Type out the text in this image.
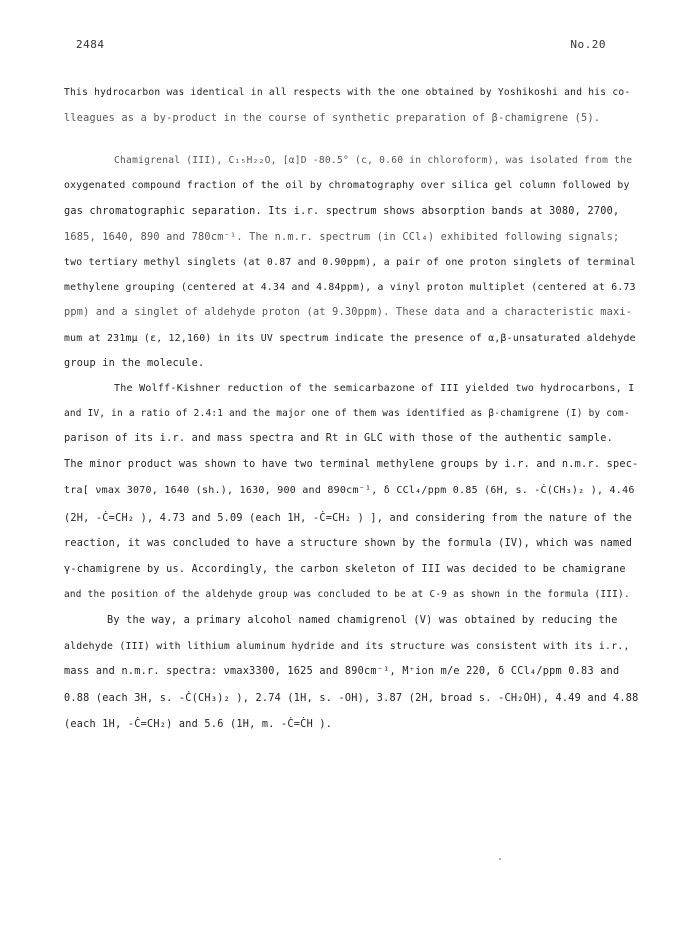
2484	No.20
This hydrocarbon was identical in all respects with the one obtained by Yoshikoshi and his co-
lleagues as a by-product in the course of synthetic preparation of β-chamigrene (5).
Chamigrenal (III), C₁₅H₂₂O, [α]D -80.5° (c, 0.60 in chloroform), was isolated from the
oxygenated compound fraction of the oil by chromatography over silica gel column followed by
gas chromatographic separation. Its i.r. spectrum shows absorption bands at 3080, 2700,
1685, 1640, 890 and 780cm⁻¹. The n.m.r. spectrum (in CCl₄) exhibited following signals;
two tertiary methyl singlets (at 0.87 and 0.90ppm), a pair of one proton singlets of terminal
methylene grouping (centered at 4.34 and 4.84ppm), a vinyl proton multiplet (centered at 6.73
ppm) and a singlet of aldehyde proton (at 9.30ppm). These data and a characteristic maxi-
mum at 231mμ (ε, 12,160) in its UV spectrum indicate the presence of α,β-unsaturated aldehyde
group in the molecule.
The Wolff-Kishner reduction of the semicarbazone of III yielded two hydrocarbons, I
and IV, in a ratio of 2.4:1 and the major one of them was identified as β-chamigrene (I) by com-
parison of its i.r. and mass spectra and Rt in GLC with those of the authentic sample.
The minor product was shown to have two terminal methylene groups by i.r. and n.m.r. spec-
tra[ νmax 3070, 1640 (sh.), 1630, 900 and 890cm⁻¹, δ CCl₄/ppm 0.85 (6H, s. -Ċ(CH₃)₂ ), 4.46
(2H, -Ċ=CH₂ ), 4.73 and 5.09 (each 1H, -Ċ=CH₂ ) ], and considering from the nature of the
reaction, it was concluded to have a structure shown by the formula (IV), which was named
γ-chamigrene by us. Accordingly, the carbon skeleton of III was decided to be chamigrane
and the position of the aldehyde group was concluded to be at C-9 as shown in the formula (III).
By the way, a primary alcohol named chamigrenol (V) was obtained by reducing the
aldehyde (III) with lithium aluminum hydride and its structure was consistent with its i.r.,
mass and n.m.r. spectra: νmax3300, 1625 and 890cm⁻¹, M⁺ion m/e 220, δ CCl₄/ppm 0.83 and
0.88 (each 3H, s. -Ċ(CH₃)₂ ), 2.74 (1H, s. -OH), 3.87 (2H, broad s. -CH₂OH), 4.49 and 4.88
(each 1H, -Ċ=CH₂) and 5.6 (1H, m. -Ċ=ĊH ).
